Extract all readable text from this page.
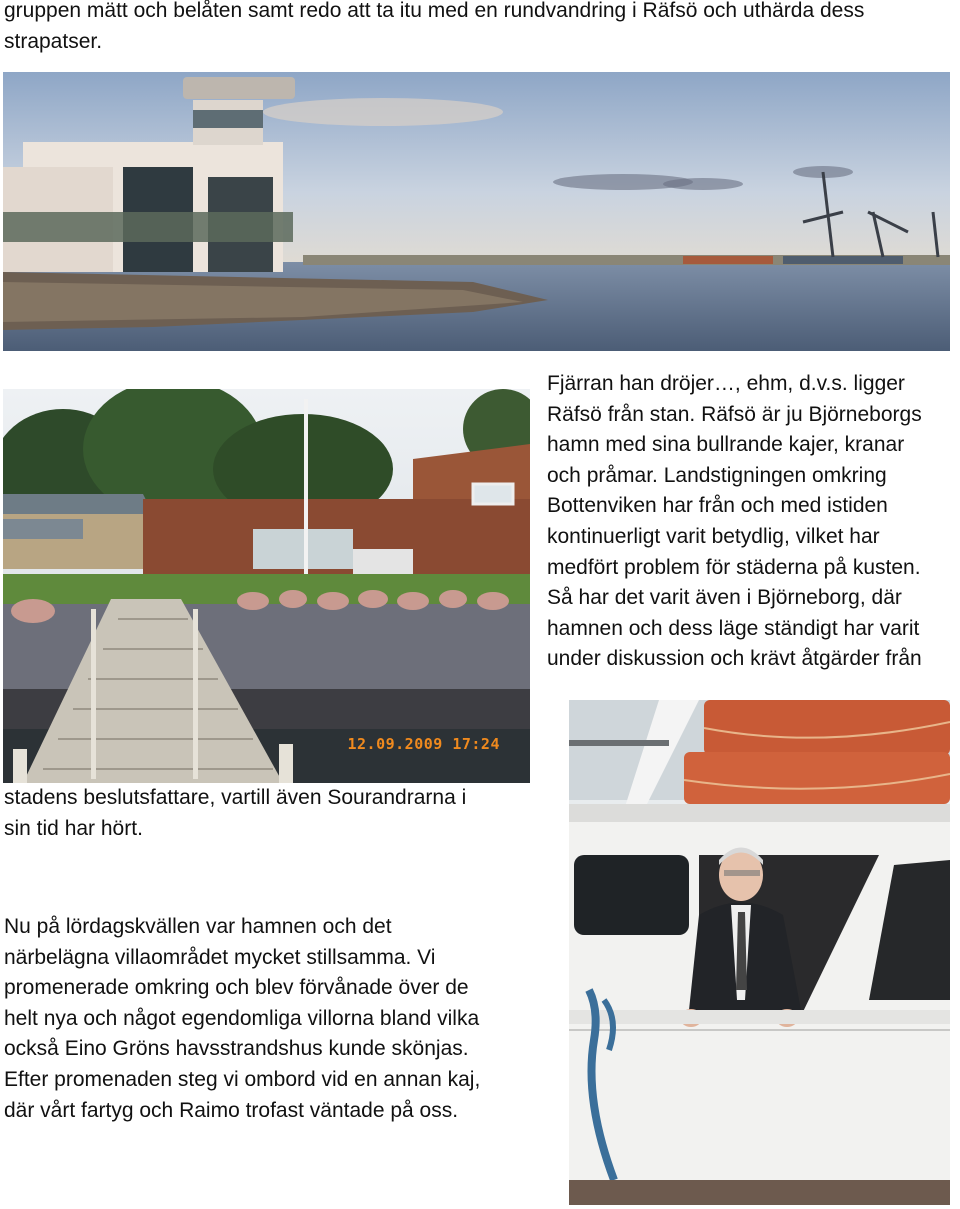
gruppen mätt och belåten samt redo att ta itu med en rundvandring i Räfsö och uthärda dess
strapatser.
12.09.2009 17:24
Fjärran han dröjer…, ehm, d.v.s. ligger
Räfsö från stan. Räfsö är ju Björneborgs
hamn med sina bullrande kajer, kranar
och pråmar. Landstigningen omkring
Bottenviken har från och med istiden
kontinuerligt varit betydlig, vilket har
medfört problem för städerna på kusten.
Så har det varit även i Björneborg, där
hamnen och dess läge ständigt har varit
under diskussion och krävt åtgärder från
stadens beslutsfattare, vartill även Sourandrarna i
sin tid har hört.
Nu på lördagskvällen var hamnen och det
närbelägna villaområdet mycket stillsamma. Vi
promenerade omkring och blev förvånade över de
helt nya och något egendomliga villorna bland vilka
också Eino Gröns havsstrandshus kunde skönjas.
Efter promenaden steg vi ombord vid en annan kaj,
där vårt fartyg och Raimo trofast väntade på oss.
